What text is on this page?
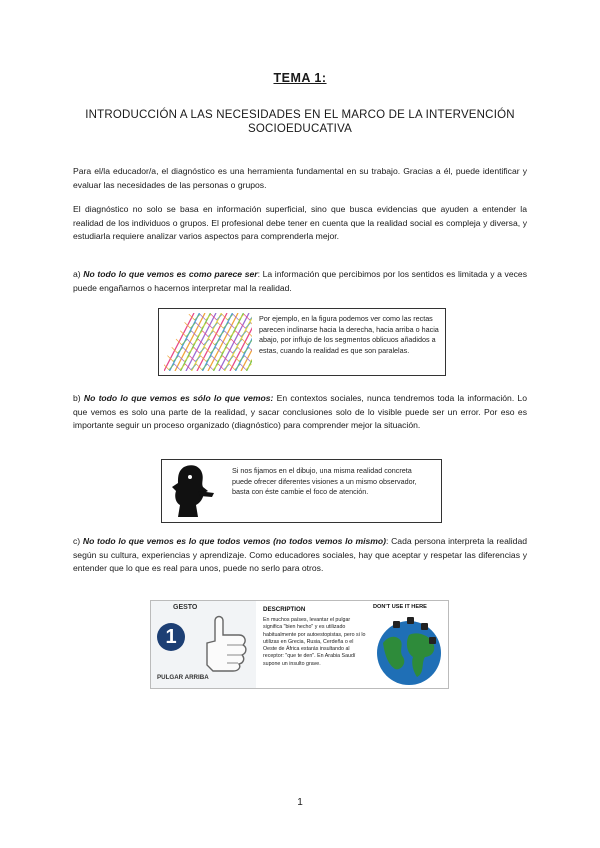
TEMA 1:
INTRODUCCIÓN A LAS NECESIDADES EN EL MARCO DE LA INTERVENCIÓN SOCIOEDUCATIVA

Para el/la educador/a, el diagnóstico es una herramienta fundamental en su trabajo. Gracias a él, puede identificar y evaluar las necesidades de las personas o grupos.

El diagnóstico no solo se basa en información superficial, sino que busca evidencias que ayuden a entender la realidad de los individuos o grupos. El profesional debe tener en cuenta que la realidad social es compleja y diversa, y estudiarla requiere analizar varios aspectos para comprenderla mejor.

a) No todo lo que vemos es como parece ser: La información que percibimos por los sentidos es limitada y a veces puede engañarnos o hacernos interpretar mal la realidad.

Por ejemplo, en la figura podemos ver como las rectas parecen inclinarse hacia la derecha, hacia arriba o hacia abajo, por influjo de los segmentos oblicuos añadidos a estas, cuando la realidad es que son paralelas.

b) No todo lo que vemos es sólo lo que vemos: En contextos sociales, nunca tendremos toda la información. Lo que vemos es solo una parte de la realidad, y sacar conclusiones solo de lo visible puede ser un error. Por eso es importante seguir un proceso organizado (diagnóstico) para comprender mejor la situación.

Si nos fijamos en el dibujo, una misma realidad concreta puede ofrecer diferentes visiones a un mismo observador, basta con éste cambie el foco de atención.

c) No todo lo que vemos es lo que todos vemos (no todos vemos lo mismo): Cada persona interpreta la realidad según su cultura, experiencias y aprendizaje. Como educadores sociales, hay que aceptar y respetar las diferencias y entender que lo que es real para unos, puede no serlo para otros.

GESTO
1
PULGAR ARRIBA
DESCRIPTION
En muchos países, levantar el pulgar significa "bien hecho" y es utilizado habitualmente por autoestopistas, pero si lo utilizas en Grecia, Rusia, Cerdeña o el Oeste de África estarás insultando al receptor: "que te den". En Arabia Saudí supone un insulto grave.
DON'T USE IT HERE
1
